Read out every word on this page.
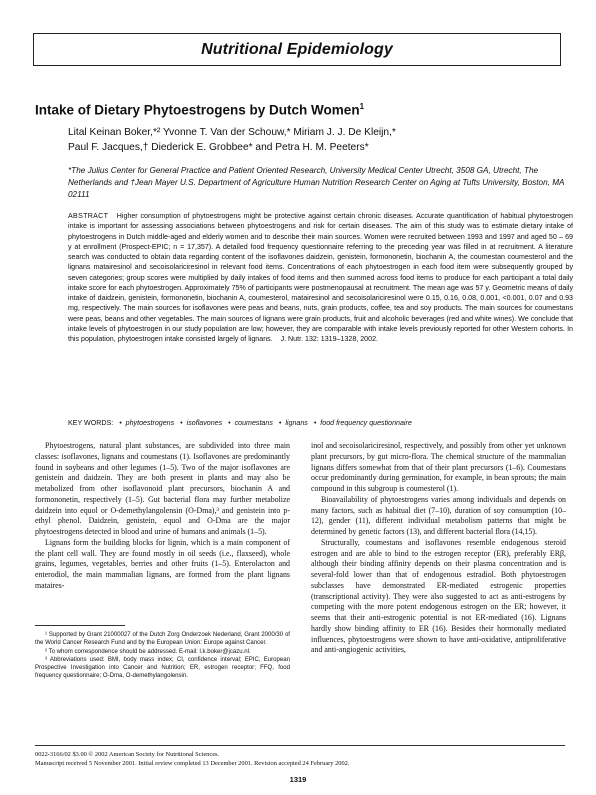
Nutritional Epidemiology
Intake of Dietary Phytoestrogens by Dutch Women$^1$
Lital Keinan Boker,*² Yvonne T. Van der Schouw,* Miriam J. J. De Kleijn,*
Paul F. Jacques,† Diederick E. Grobbee* and Petra H. M. Peeters*
*The Julius Center for General Practice and Patient Oriented Research, University Medical Center Utrecht, 3508 GA, Utrecht, The Netherlands and †Jean Mayer U.S. Department of Agriculture Human Nutrition Research Center on Aging at Tufts University, Boston, MA 02111

ABSTRACT Higher consumption of phytoestrogens might be protective against certain chronic diseases. Accurate quantification of habitual phytoestrogen intake is important for assessing associations between phytoestrogens and risk for certain diseases. The aim of this study was to estimate dietary intake of phytoestrogens in Dutch middle-aged and elderly women and to describe their main sources. Women were recruited between 1993 and 1997 and aged 50 – 69 y at enrollment (Prospect-EPIC; n = 17,357). A detailed food frequency questionnaire referring to the preceding year was filled in at recruitment. A literature search was conducted to obtain data regarding content of the isoflavones daidzein, genistein, formononetin, biochanin A, the coumestan coumesterol and the lignans matairesinol and secoisolariciresinol in relevant food items. Concentrations of each phytoestrogen in each food item were subsequently grouped by seven categories; group scores were multiplied by daily intakes of food items and then summed across food items to produce for each participant a total daily intake score for each phytoestrogen. Approximately 75% of participants were postmenopausal at recruitment. The mean age was 57 y. Geometric means of daily intake of daidzein, genistein, formononetin, biochanin A, coumesterol, matairesinol and secoisolariciresinol were 0.15, 0.16, 0.08, 0.001, <0.001, 0.07 and 0.93 mg, respectively. The main sources for isoflavones were peas and beans, nuts, grain products, coffee, tea and soy products. The main sources for coumestans were peas, beans and other vegetables. The main sources of lignans were grain products, fruit and alcoholic beverages (red and white wines). We conclude that intake levels of phytoestrogen in our study population are low; however, they are comparable with intake levels previously reported for other Western cohorts. In this population, phytoestrogen intake consisted largely of lignans. J. Nutr. 132: 1319–1328, 2002.

KEY WORDS: • phytoestrogens • isoflavones • coumestans • lignans • food frequency questionnaire

Phytoestrogens, natural plant substances, are subdivided into three main classes: isoflavones, lignans and coumestans (1). Isoflavones are predominantly found in soybeans and other legumes (1–5). Two of the major isoflavones are genistein and daidzein. They are both present in plants and may also be metabolized from other isoflavonoid plant precursors, biochanin A and formononetin, respectively (1–5). Gut bacterial flora may further metabolize daidzein into equol or O-demethylangolensin (O-Dma),³ and genistein into p-ethyl phenol. Daidzein, genistein, equol and O-Dma are the major phytoestrogens detected in blood and urine of humans and animals (1–5).

Lignans form the building blocks for lignin, which is a main component of the plant cell wall. They are found mostly in oil seeds (i.e., flaxseed), whole grains, legumes, vegetables, berries and other fruits (1–5). Enterolacton and enterodiol, the main mammalian lignans, are formed from the plant lignans mataires-

inol and secoisolariciresinol, respectively, and possibly from other yet unknown plant precursors, by gut micro-flora. The chemical structure of the mammalian lignans differs somewhat from that of their plant precursors (1–6). Coumestans occur predominantly during germination, for example, in bean sprouts; the main compound in this subgroup is coumesterol (1).

Bioavailability of phytoestrogens varies among individuals and depends on many factors, such as habitual diet (7–10), duration of soy consumption (10–12), gender (11), different individual metabolism patterns that might be determined by genetic factors (13), and different bacterial flora (14,15).

Structurally, coumestans and isoflavones resemble endogenous steroid estrogen and are able to bind to the estrogen receptor (ER), preferably ERβ, although their binding affinity depends on their plasma concentration and is several-fold lower than that of endogenous estradiol. Both phytoestrogen subclasses have demonstrated ER-mediated estrogenic properties (transcriptional activity). They were also suggested to act as anti-estrogens by competing with the more potent endogenous estrogen on the ER; however, it seems that their anti-estrogenic potential is not ER-mediated (16). Lignans hardly show binding affinity to ER (16). Besides their hormonally mediated influences, phytoestrogens were shown to have anti-oxidative, antiproliferative and anti-angiogenic activities,

¹ Supported by Grant 21000027 of the Dutch Zorg Onderzoek Nederland, Grant 2000/30 of the World Cancer Research Fund and by the European Union: Europe against Cancer.

² To whom correspondence should be addressed. E-mail: l.k.boker@jcazu.nl.

³ Abbreviations used: BMI, body mass index; CI, confidence interval; EPIC, European Prospective Investigation into Cancer and Nutrition; ER, estrogen receptor; FFQ, food frequency questionnaire; O-Dma, O-demethylangolensin.

0022-3166/02 $3.00 © 2002 American Society for Nutritional Sciences.

Manuscript received 5 November 2001. Initial review completed 13 December 2001. Revision accepted 24 February 2002.

1319
